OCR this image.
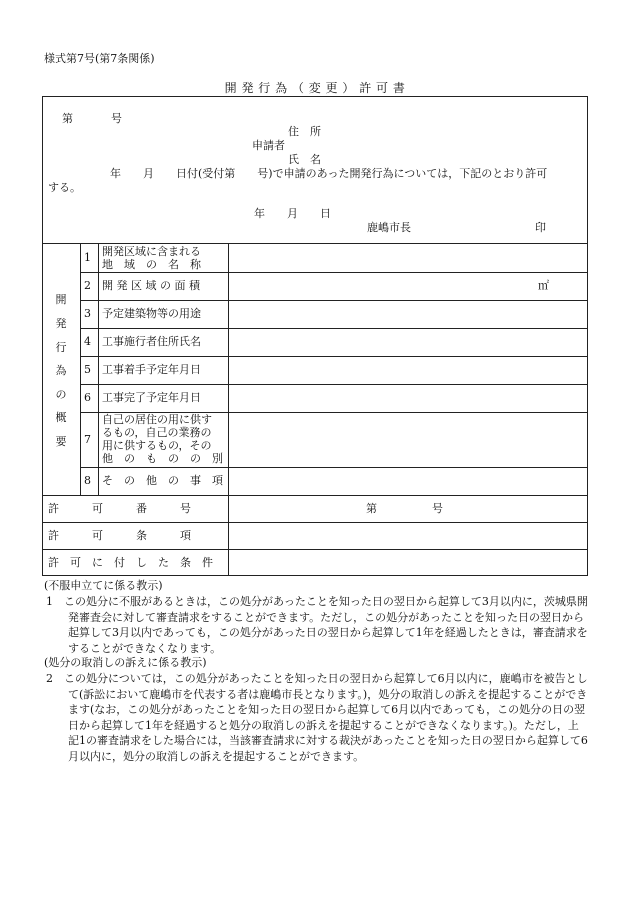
様式第7号(第7条関係)
開 発 行 為 （ 変 更 ） 許 可 書
第	号
住　所
申請者
氏　名
年　　月　　日付(受付第　　号)で申請のあった開発行為については，下記のとおり許可
する。
年　　月　　日
鹿嶋市長	印
開
発
行
為
の
概
要
1 開発区域に含まれる
地　域　の　名　称
2 開 発 区 域 の 面 積	㎡
3 予定建築物等の用途
4 工事施行者住所氏名
5 工事着手予定年月日
6 工事完了予定年月日
7
自己の居住の用に供す
るもの，自己の業務の
用に供するもの，その
他　の　も　の　の　別
8 そ　の　他　の　事　項
許　　　可　　　番　　　号	第　　　　　号
許　　　可　　　条　　　項
許　可　に　付　し　た　条　件
(不服申立てに係る教示)
1　この処分に不服があるときは，この処分があったことを知った日の翌日から起算して3月以内に，茨城県開発審査会に対して審査請求をすることができます。ただし，この処分があったことを知った日の翌日から起算して3月以内であっても，この処分があった日の翌日から起算して1年を経過したときは，審査請求をすることができなくなります。
(処分の取消しの訴えに係る教示)
2　この処分については，この処分があったことを知った日の翌日から起算して6月以内に，鹿嶋市を被告として(訴訟において鹿嶋市を代表する者は鹿嶋市長となります。)，処分の取消しの訴えを提起することができます(なお，この処分があったことを知った日の翌日から起算して6月以内であっても，この処分の日の翌日から起算して1年を経過すると処分の取消しの訴えを提起することができなくなります。)。ただし，上記1の審査請求をした場合には，当該審査請求に対する裁決があったことを知った日の翌日から起算して6月以内に，処分の取消しの訴えを提起することができます。
